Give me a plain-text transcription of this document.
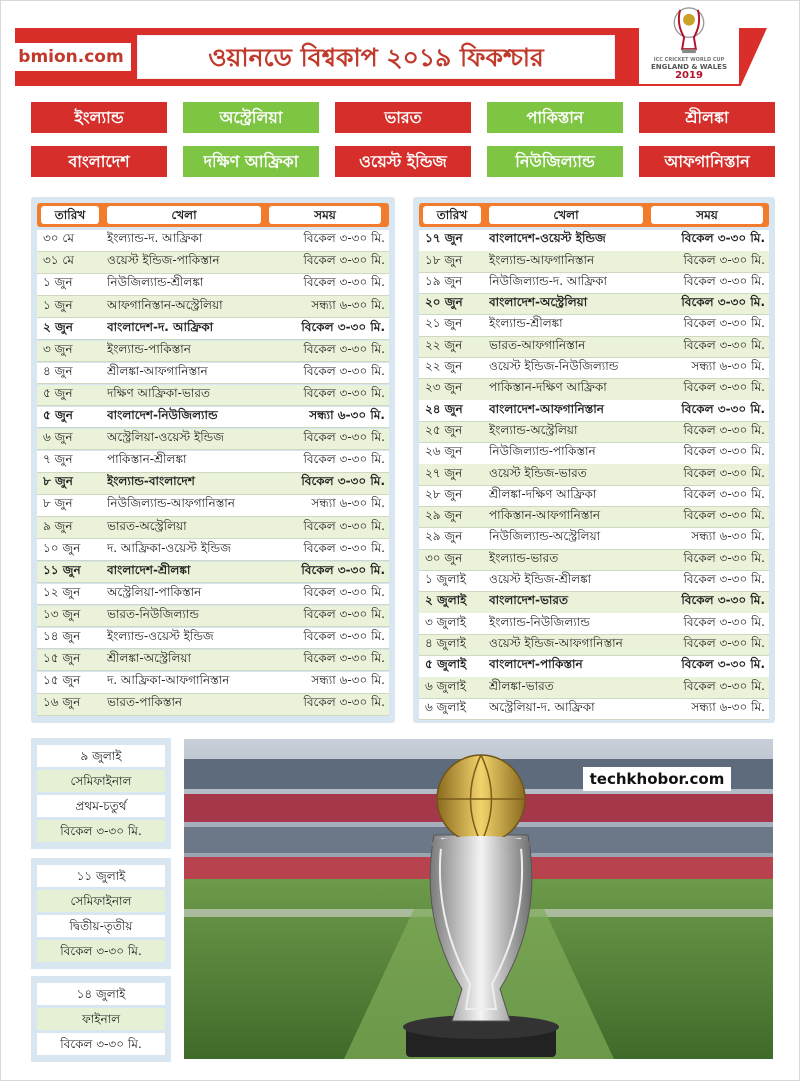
bmion.com	ওয়ানডে বিশ্বকাপ ২০১৯ ফিকশ্চার	ICC CRICKET WORLD CUP
ENGLAND & WALES
2019
ইংল্যান্ড	অস্ট্রেলিয়া	ভারত	পাকিস্তান	শ্রীলঙ্কা
বাংলাদেশ	দক্ষিণ আফ্রিকা	ওয়েস্ট ইন্ডিজ	নিউজিল্যান্ড	আফগানিস্তান
তারিখ	খেলা	সময়
৩০ মে	ইংল্যান্ড-দ. আফ্রিকা	বিকেল ৩-৩০ মি.
৩১ মে	ওয়েস্ট ইন্ডিজ-পাকিস্তান	বিকেল ৩-৩০ মি.
১ জুন	নিউজিল্যান্ড-শ্রীলঙ্কা	বিকেল ৩-৩০ মি.
১ জুন	আফগানিস্তান-অস্ট্রেলিয়া	সন্ধ্যা ৬-৩০ মি.
২ জুন	বাংলাদেশ-দ. আফ্রিকা	বিকেল ৩-৩০ মি.
৩ জুন	ইংল্যান্ড-পাকিস্তান	বিকেল ৩-৩০ মি.
৪ জুন	শ্রীলঙ্কা-আফগানিস্তান	বিকেল ৩-৩০ মি.
৫ জুন	দক্ষিণ আফ্রিকা-ভারত	বিকেল ৩-৩০ মি.
৫ জুন	বাংলাদেশ-নিউজিল্যান্ড	সন্ধ্যা ৬-৩০ মি.
৬ জুন	অস্ট্রেলিয়া-ওয়েস্ট ইন্ডিজ	বিকেল ৩-৩০ মি.
৭ জুন	পাকিস্তান-শ্রীলঙ্কা	বিকেল ৩-৩০ মি.
৮ জুন	ইংল্যান্ড-বাংলাদেশ	বিকেল ৩-৩০ মি.
৮ জুন	নিউজিল্যান্ড-আফগানিস্তান	সন্ধ্যা ৬-৩০ মি.
৯ জুন	ভারত-অস্ট্রেলিয়া	বিকেল ৩-৩০ মি.
১০ জুন	দ. আফ্রিকা-ওয়েস্ট ইন্ডিজ	বিকেল ৩-৩০ মি.
১১ জুন	বাংলাদেশ-শ্রীলঙ্কা	বিকেল ৩-৩০ মি.
১২ জুন	অস্ট্রেলিয়া-পাকিস্তান	বিকেল ৩-৩০ মি.
১৩ জুন	ভারত-নিউজিল্যান্ড	বিকেল ৩-৩০ মি.
১৪ জুন	ইংল্যান্ড-ওয়েস্ট ইন্ডিজ	বিকেল ৩-৩০ মি.
১৫ জুন	শ্রীলঙ্কা-অস্ট্রেলিয়া	বিকেল ৩-৩০ মি.
১৫ জুন	দ. আফ্রিকা-আফগানিস্তান	সন্ধ্যা ৬-৩০ মি.
১৬ জুন	ভারত-পাকিস্তান	বিকেল ৩-৩০ মি.
তারিখ	খেলা	সময়
১৭ জুন	বাংলাদেশ-ওয়েস্ট ইন্ডিজ	বিকেল ৩-৩০ মি.
১৮ জুন	ইংল্যান্ড-আফগানিস্তান	বিকেল ৩-৩০ মি.
১৯ জুন	নিউজিল্যান্ড-দ. আফ্রিকা	বিকেল ৩-৩০ মি.
২০ জুন	বাংলাদেশ-অস্ট্রেলিয়া	বিকেল ৩-৩০ মি.
২১ জুন	ইংল্যান্ড-শ্রীলঙ্কা	বিকেল ৩-৩০ মি.
২২ জুন	ভারত-আফগানিস্তান	বিকেল ৩-৩০ মি.
২২ জুন	ওয়েস্ট ইন্ডিজ-নিউজিল্যান্ড	সন্ধ্যা ৬-৩০ মি.
২৩ জুন	পাকিস্তান-দক্ষিণ আফ্রিকা	বিকেল ৩-৩০ মি.
২৪ জুন	বাংলাদেশ-আফগানিস্তান	বিকেল ৩-৩০ মি.
২৫ জুন	ইংল্যান্ড-অস্ট্রেলিয়া	বিকেল ৩-৩০ মি.
২৬ জুন	নিউজিল্যান্ড-পাকিস্তান	বিকেল ৩-৩০ মি.
২৭ জুন	ওয়েস্ট ইন্ডিজ-ভারত	বিকেল ৩-৩০ মি.
২৮ জুন	শ্রীলঙ্কা-দক্ষিণ আফ্রিকা	বিকেল ৩-৩০ মি.
২৯ জুন	পাকিস্তান-আফগানিস্তান	বিকেল ৩-৩০ মি.
২৯ জুন	নিউজিল্যান্ড-অস্ট্রেলিয়া	সন্ধ্যা ৬-৩০ মি.
৩০ জুন	ইংল্যান্ড-ভারত	বিকেল ৩-৩০ মি.
১ জুলাই	ওয়েস্ট ইন্ডিজ-শ্রীলঙ্কা	বিকেল ৩-৩০ মি.
২ জুলাই	বাংলাদেশ-ভারত	বিকেল ৩-৩০ মি.
৩ জুলাই	ইংল্যান্ড-নিউজিল্যান্ড	বিকেল ৩-৩০ মি.
৪ জুলাই	ওয়েস্ট ইন্ডিজ-আফগানিস্তান	বিকেল ৩-৩০ মি.
৫ জুলাই	বাংলাদেশ-পাকিস্তান	বিকেল ৩-৩০ মি.
৬ জুলাই	শ্রীলঙ্কা-ভারত	বিকেল ৩-৩০ মি.
৬ জুলাই	অস্ট্রেলিয়া-দ. আফ্রিকা	সন্ধ্যা ৬-৩০ মি.
৯ জুলাই
সেমিফাইনাল
প্রথম-চতুর্থ
বিকেল ৩-৩০ মি.
১১ জুলাই
সেমিফাইনাল
দ্বিতীয়-তৃতীয়
বিকেল ৩-৩০ মি.
১৪ জুলাই
ফাইনাল
বিকেল ৩-৩০ মি.
techkhobor.com
